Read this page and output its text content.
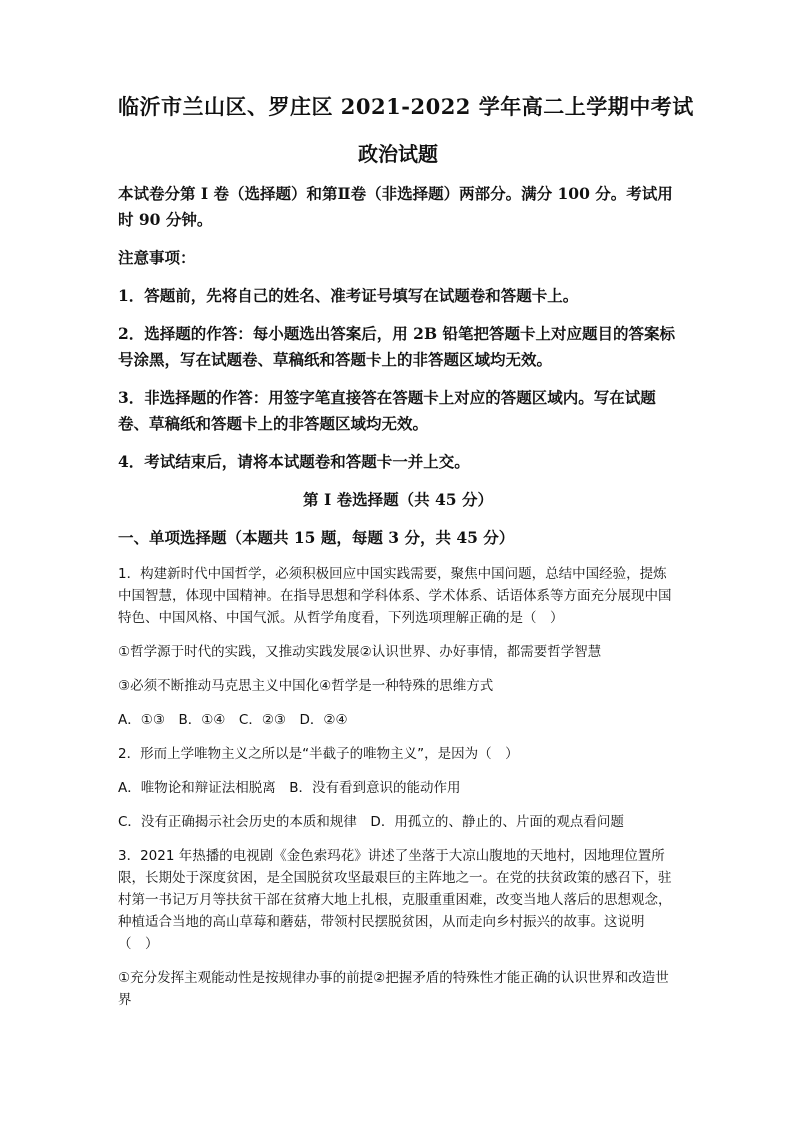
临沂市兰山区、罗庄区 2021-2022 学年高二上学期中考试
政治试题

本试卷分第 I 卷（选择题）和第Ⅱ卷（非选择题）两部分。满分 100 分。考试用时 90 分钟。

注意事项：

1．答题前，先将自己的姓名、准考证号填写在试题卷和答题卡上。

2．选择题的作答：每小题选出答案后，用 2B 铅笔把答题卡上对应题目的答案标号涂黑，写在试题卷、草稿纸和答题卡上的非答题区域均无效。

3．非选择题的作答：用签字笔直接答在答题卡上对应的答题区域内。写在试题卷、草稿纸和答题卡上的非答题区域均无效。

4．考试结束后，请将本试题卷和答题卡一并上交。

第 I 卷选择题（共 45 分）

一、单项选择题（本题共 15 题，每题 3 分，共 45 分）

1．构建新时代中国哲学，必须积极回应中国实践需要，聚焦中国问题，总结中国经验，提炼中国智慧，体现中国精神。在指导思想和学科体系、学术体系、话语体系等方面充分展现中国特色、中国风格、中国气派。从哲学角度看，下列选项理解正确的是（　）

①哲学源于时代的实践，又推动实践发展②认识世界、办好事情，都需要哲学智慧

③必须不断推动马克思主义中国化④哲学是一种特殊的思维方式

A．①③　B．①④　C．②③　D．②④

2．形而上学唯物主义之所以是“半截子的唯物主义”，是因为（　）

A．唯物论和辩证法相脱离　B．没有看到意识的能动作用

C．没有正确揭示社会历史的本质和规律　D．用孤立的、静止的、片面的观点看问题

3．2021 年热播的电视剧《金色索玛花》讲述了坐落于大凉山腹地的天地村，因地理位置所限，长期处于深度贫困，是全国脱贫攻坚最艰巨的主阵地之一。在党的扶贫政策的感召下，驻村第一书记万月等扶贫干部在贫瘠大地上扎根，克服重重困难，改变当地人落后的思想观念，种植适合当地的高山草莓和蘑菇，带领村民摆脱贫困，从而走向乡村振兴的故事。这说明（　）

①充分发挥主观能动性是按规律办事的前提②把握矛盾的特殊性才能正确的认识世界和改造世界
